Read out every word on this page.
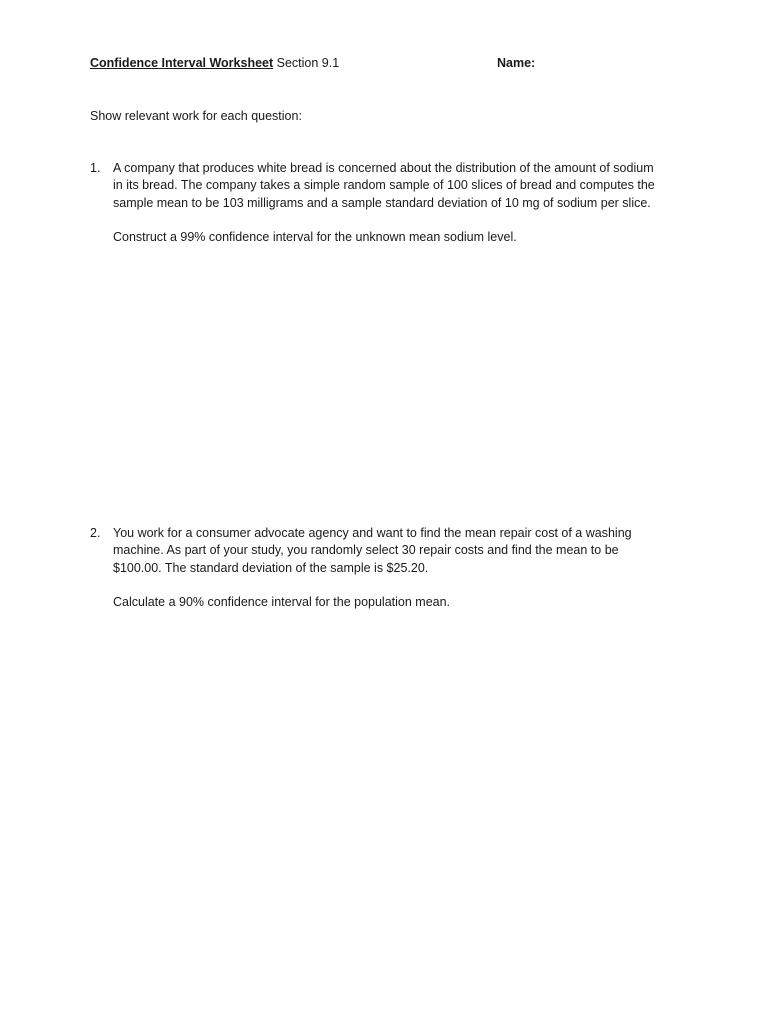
Confidence Interval Worksheet Section 9.1	Name:
Show relevant work for each question:
1. A company that produces white bread is concerned about the distribution of the amount of sodium
in its bread. The company takes a simple random sample of 100 slices of bread and computes the
sample mean to be 103 milligrams and a sample standard deviation of 10 mg of sodium per slice.

Construct a 99% confidence interval for the unknown mean sodium level.

2. You work for a consumer advocate agency and want to find the mean repair cost of a washing
machine. As part of your study, you randomly select 30 repair costs and find the mean to be
$100.00. The standard deviation of the sample is $25.20.

Calculate a 90% confidence interval for the population mean.
